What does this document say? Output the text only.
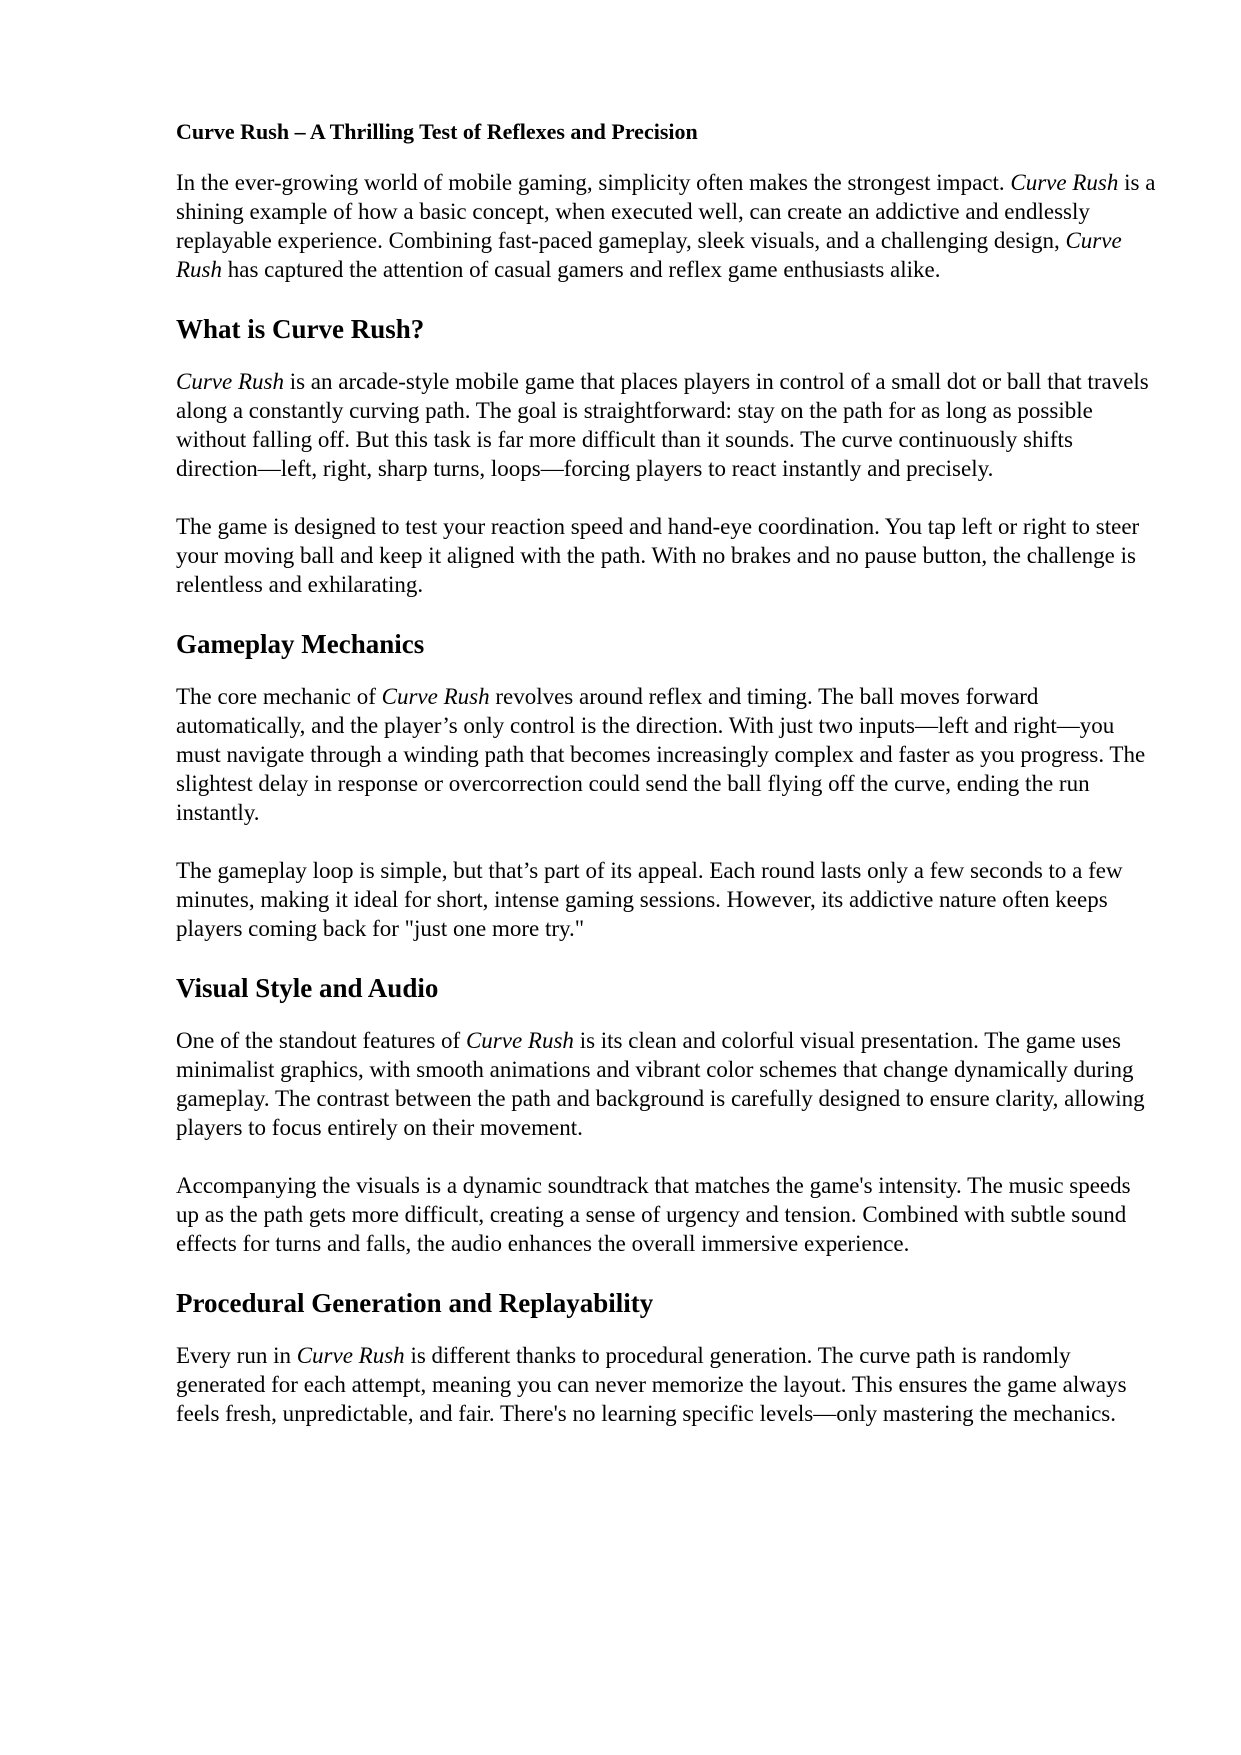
Curve Rush – A Thrilling Test of Reflexes and Precision

In the ever-growing world of mobile gaming, simplicity often makes the strongest impact. Curve Rush is a shining example of how a basic concept, when executed well, can create an addictive and endlessly replayable experience. Combining fast-paced gameplay, sleek visuals, and a challenging design, Curve Rush has captured the attention of casual gamers and reflex game enthusiasts alike.

What is Curve Rush?

Curve Rush is an arcade-style mobile game that places players in control of a small dot or ball that travels along a constantly curving path. The goal is straightforward: stay on the path for as long as possible without falling off. But this task is far more difficult than it sounds. The curve continuously shifts direction—left, right, sharp turns, loops—forcing players to react instantly and precisely.

The game is designed to test your reaction speed and hand-eye coordination. You tap left or right to steer your moving ball and keep it aligned with the path. With no brakes and no pause button, the challenge is relentless and exhilarating.

Gameplay Mechanics

The core mechanic of Curve Rush revolves around reflex and timing. The ball moves forward automatically, and the player’s only control is the direction. With just two inputs—left and right—you must navigate through a winding path that becomes increasingly complex and faster as you progress. The slightest delay in response or overcorrection could send the ball flying off the curve, ending the run instantly.

The gameplay loop is simple, but that’s part of its appeal. Each round lasts only a few seconds to a few minutes, making it ideal for short, intense gaming sessions. However, its addictive nature often keeps players coming back for "just one more try."

Visual Style and Audio

One of the standout features of Curve Rush is its clean and colorful visual presentation. The game uses minimalist graphics, with smooth animations and vibrant color schemes that change dynamically during gameplay. The contrast between the path and background is carefully designed to ensure clarity, allowing players to focus entirely on their movement.

Accompanying the visuals is a dynamic soundtrack that matches the game's intensity. The music speeds up as the path gets more difficult, creating a sense of urgency and tension. Combined with subtle sound effects for turns and falls, the audio enhances the overall immersive experience.

Procedural Generation and Replayability

Every run in Curve Rush is different thanks to procedural generation. The curve path is randomly generated for each attempt, meaning you can never memorize the layout. This ensures the game always feels fresh, unpredictable, and fair. There's no learning specific levels—only mastering the mechanics.
